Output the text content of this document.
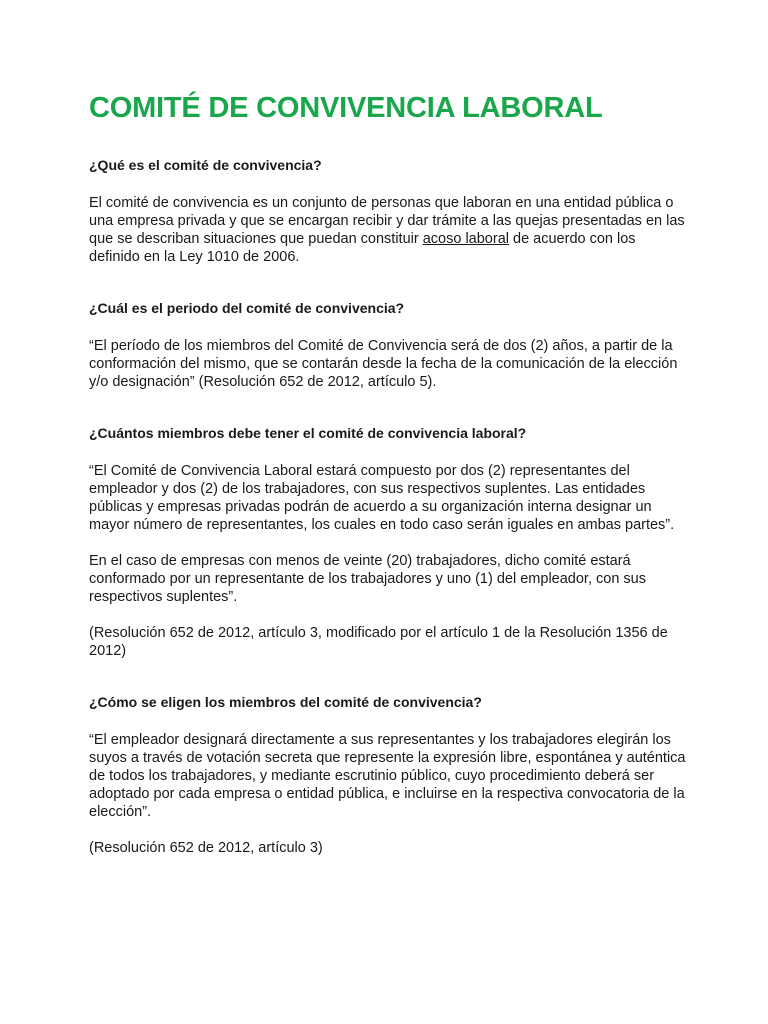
COMITÉ DE CONVIVENCIA LABORAL

¿Qué es el comité de convivencia?

El comité de convivencia es un conjunto de personas que laboran en una entidad pública o una empresa privada y que se encargan recibir y dar trámite a las quejas presentadas en las que se describan situaciones que puedan constituir acoso laboral de acuerdo con los definido en la Ley 1010 de 2006.

¿Cuál es el periodo del comité de convivencia?

“El período de los miembros del Comité de Convivencia será de dos (2) años, a partir de la conformación del mismo, que se contarán desde la fecha de la comunicación de la elección y/o designación” (Resolución 652 de 2012, artículo 5).

¿Cuántos miembros debe tener el comité de convivencia laboral?

“El Comité de Convivencia Laboral estará compuesto por dos (2) representantes del empleador y dos (2) de los trabajadores, con sus respectivos suplentes. Las entidades públicas y empresas privadas podrán de acuerdo a su organización interna designar un mayor número de representantes, los cuales en todo caso serán iguales en ambas partes”.

En el caso de empresas con menos de veinte (20) trabajadores, dicho comité estará conformado por un representante de los trabajadores y uno (1) del empleador, con sus respectivos suplentes”.

(Resolución 652 de 2012, artículo 3, modificado por el artículo 1 de la Resolución 1356 de 2012)

¿Cómo se eligen los miembros del comité de convivencia?

“El empleador designará directamente a sus representantes y los trabajadores elegirán los suyos a través de votación secreta que represente la expresión libre, espontánea y auténtica de todos los trabajadores, y mediante escrutinio público, cuyo procedimiento deberá ser adoptado por cada empresa o entidad pública, e incluirse en la respectiva convocatoria de la elección”.

(Resolución 652 de 2012, artículo 3)
